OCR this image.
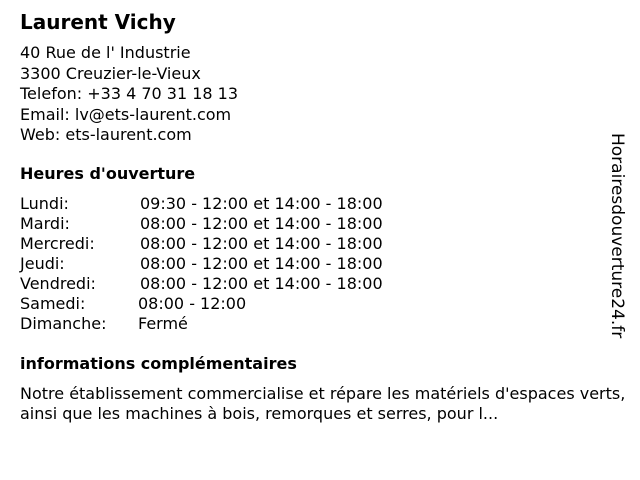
Laurent Vichy
40 Rue de l' Industrie
3300 Creuzier-le-Vieux
Telefon: +33 4 70 31 18 13
Email: lv@ets-laurent.com
Web: ets-laurent.com
Heures d'ouverture
Lundi:	09:30 - 12:00 et 14:00 - 18:00
Mardi:	08:00 - 12:00 et 14:00 - 18:00
Mercredi:	08:00 - 12:00 et 14:00 - 18:00
Jeudi:	08:00 - 12:00 et 14:00 - 18:00
Vendredi:	08:00 - 12:00 et 14:00 - 18:00
Samedi:	08:00 - 12:00
Dimanche: Fermé
informations complémentaires
Notre établissement commercialise et répare les matériels d'espaces verts, ainsi que les machines à bois, remorques et serres, pour l...
Horairesdouverture24.fr
